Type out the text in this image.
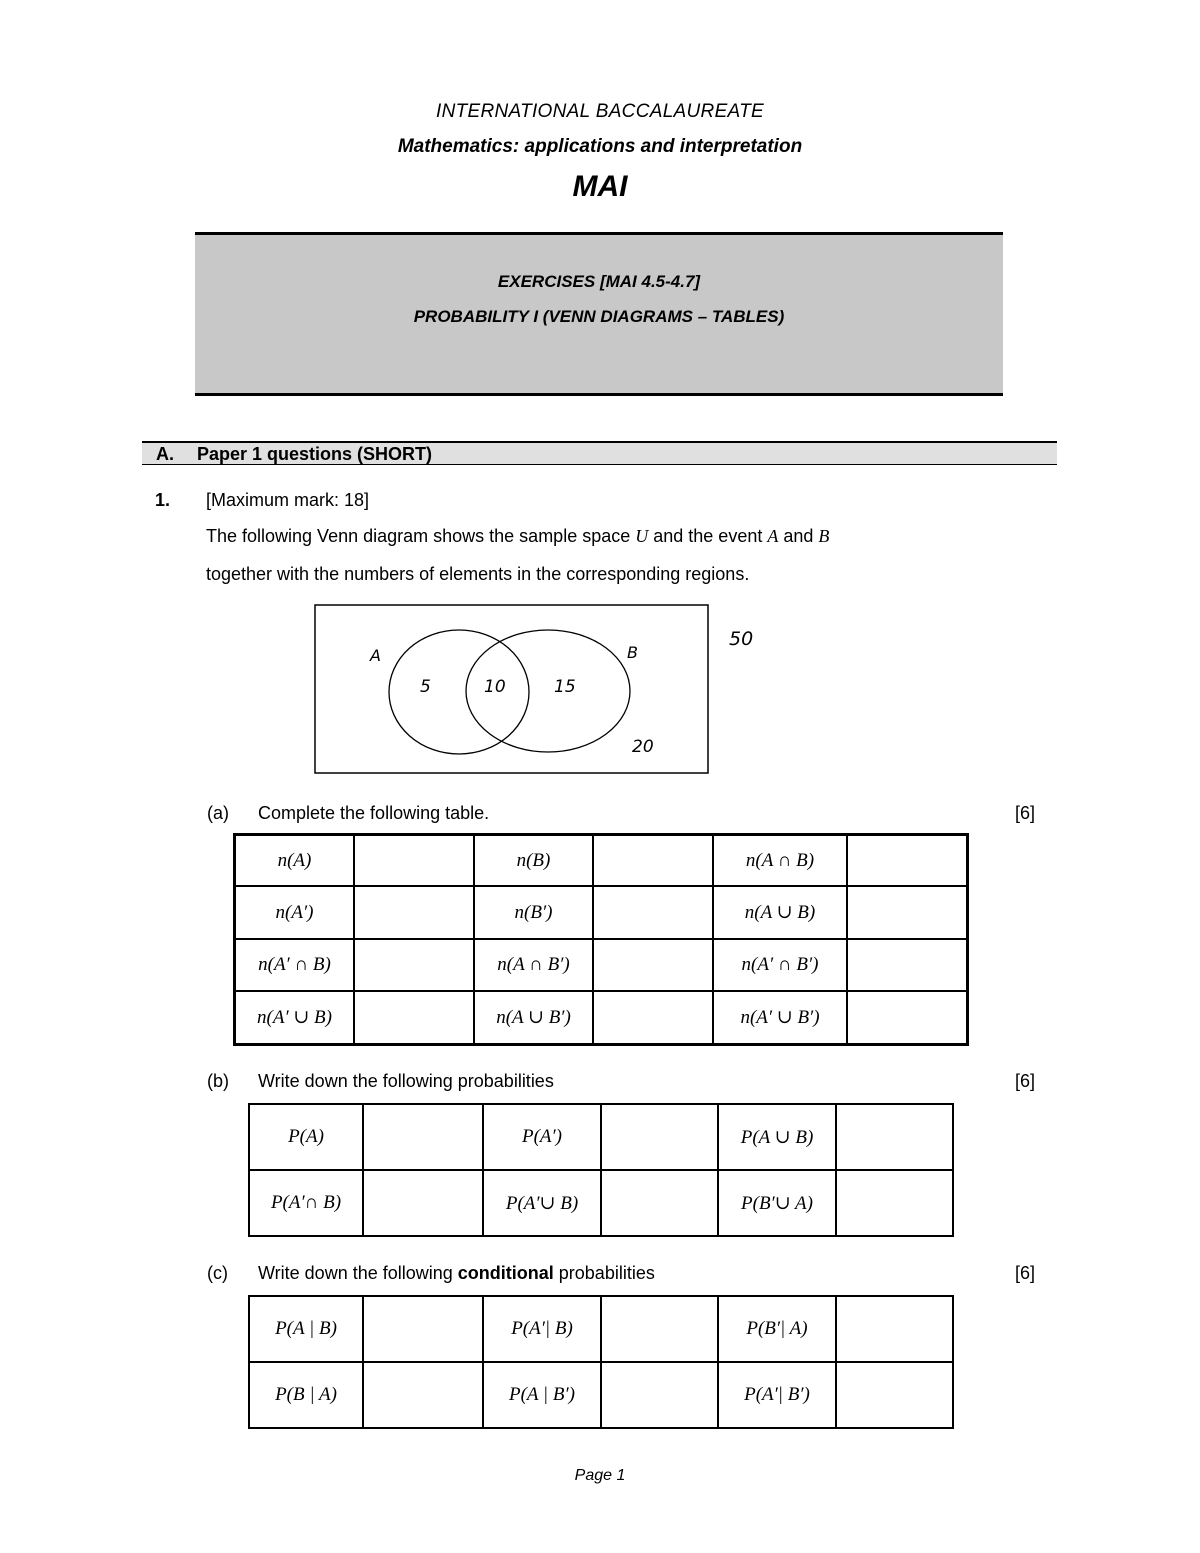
INTERNATIONAL BACCALAUREATE
Mathematics: applications and interpretation
MAI
EXERCISES [MAI 4.5-4.7]
PROBABILITY I (VENN DIAGRAMS – TABLES)
A. Paper 1 questions (SHORT)
1. [Maximum mark: 18]
The following Venn diagram shows the sample space U and the event A and B
together with the numbers of elements in the corresponding regions.
A	B
5	10	15
20
50
(a) Complete the following table.	[6]
n(A)		n(B)		n(A ∩ B)	
n(A′)		n(B′)		n(A ∪ B)	
n(A′ ∩ B)		n(A ∩ B′)		n(A′ ∩ B′)	
n(A′ ∪ B)		n(A ∪ B′)		n(A′ ∪ B′)	
(b) Write down the following probabilities	[6]
P(A)		P(A′)		P(A ∪ B)	
P(A′∩ B)		P(A′∪ B)		P(B′∪ A)	
(c) Write down the following conditional probabilities	[6]
P(A | B)		P(A′| B)		P(B′| A)	
P(B | A)		P(A | B′)		P(A′| B′)	
Page 1
